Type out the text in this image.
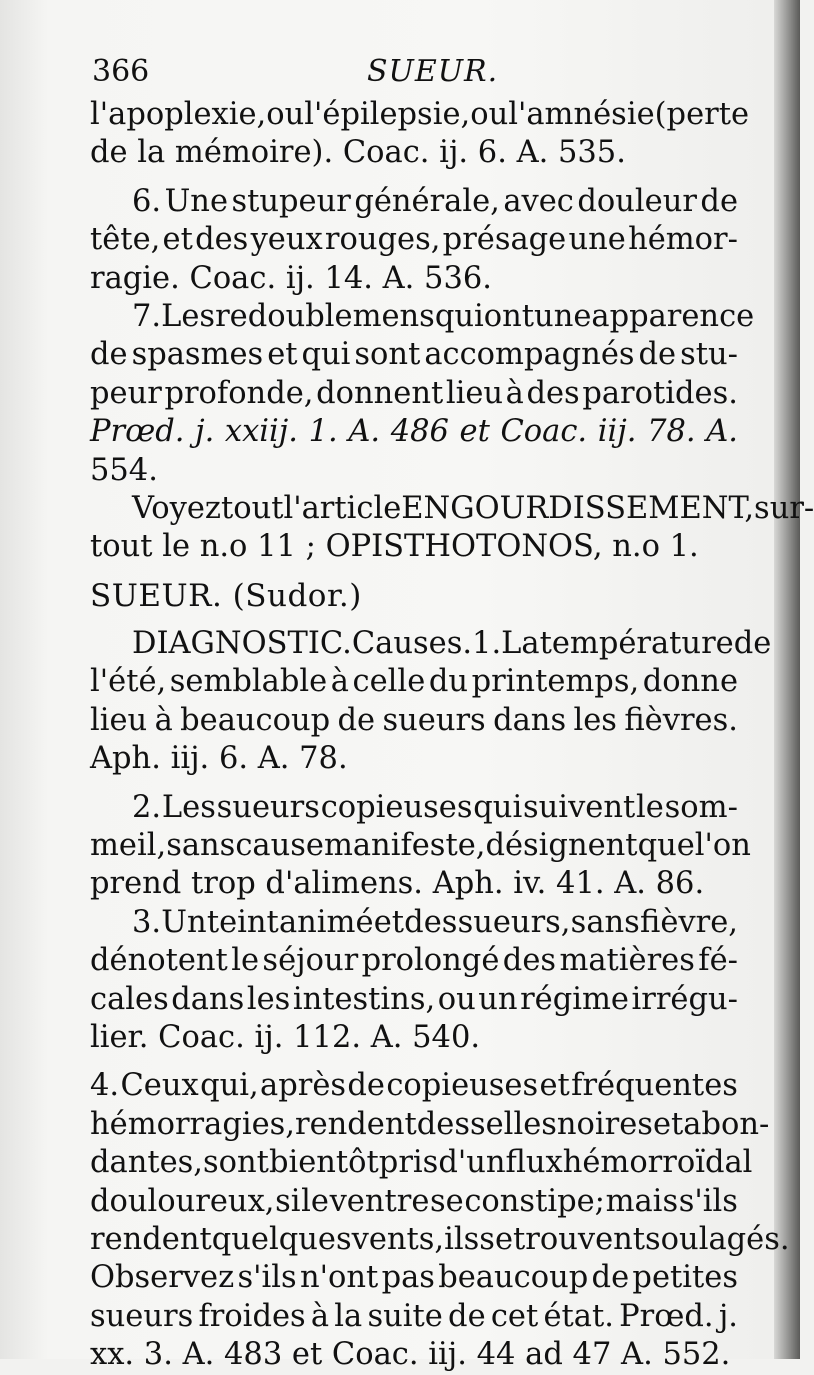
366	SUEUR.
l'apoplexie, ou l'épilepsie, ou l'amnésie (perte
de la mémoire). Coac. ij. 6. A. 535.
6. Une stupeur générale, avec douleur de
tête, et des yeux rouges, présage une hémor-
ragie. Coac. ij. 14. A. 536.
7. Les redoublemens qui ont une apparence
de spasmes et qui sont accompagnés de stu-
peur profonde, donnent lieu à des parotides.
Prœd. j. xxiij. 1. A. 486 et Coac. iij. 78. A.
554.
Voyez tout l'article ENGOURDISSEMENT, sur-
tout le n.o 11 ; OPISTHOTONOS, n.o 1.
SUEUR. (Sudor.)
DIAGNOSTIC. Causes. 1. La température de
l'été, semblable à celle du printemps, donne
lieu à beaucoup de sueurs dans les fièvres.
Aph. iij. 6. A. 78.
2. Les sueurs copieuses qui suivent le som-
meil, sans cause manifeste, désignent que l'on
prend trop d'alimens. Aph. iv. 41. A. 86.
3. Un teint animé et des sueurs, sans fièvre,
dénotent le séjour prolongé des matières fé-
cales dans les intestins, ou un régime irrégu-
lier. Coac. ij. 112. A. 540.
4. Ceux qui, après de copieuses et fréquentes
hémorragies, rendent des selles noires et abon-
dantes, sont bientôt pris d'un flux hémorroïdal
douloureux, si le ventre se constipe; mais s'ils
rendent quelques vents, ils se trouvent soulagés.
Observez s'ils n'ont pas beaucoup de petites
sueurs froides à la suite de cet état. Prœd. j.
xx. 3. A. 483 et Coac. iij. 44 ad 47 A. 552.
